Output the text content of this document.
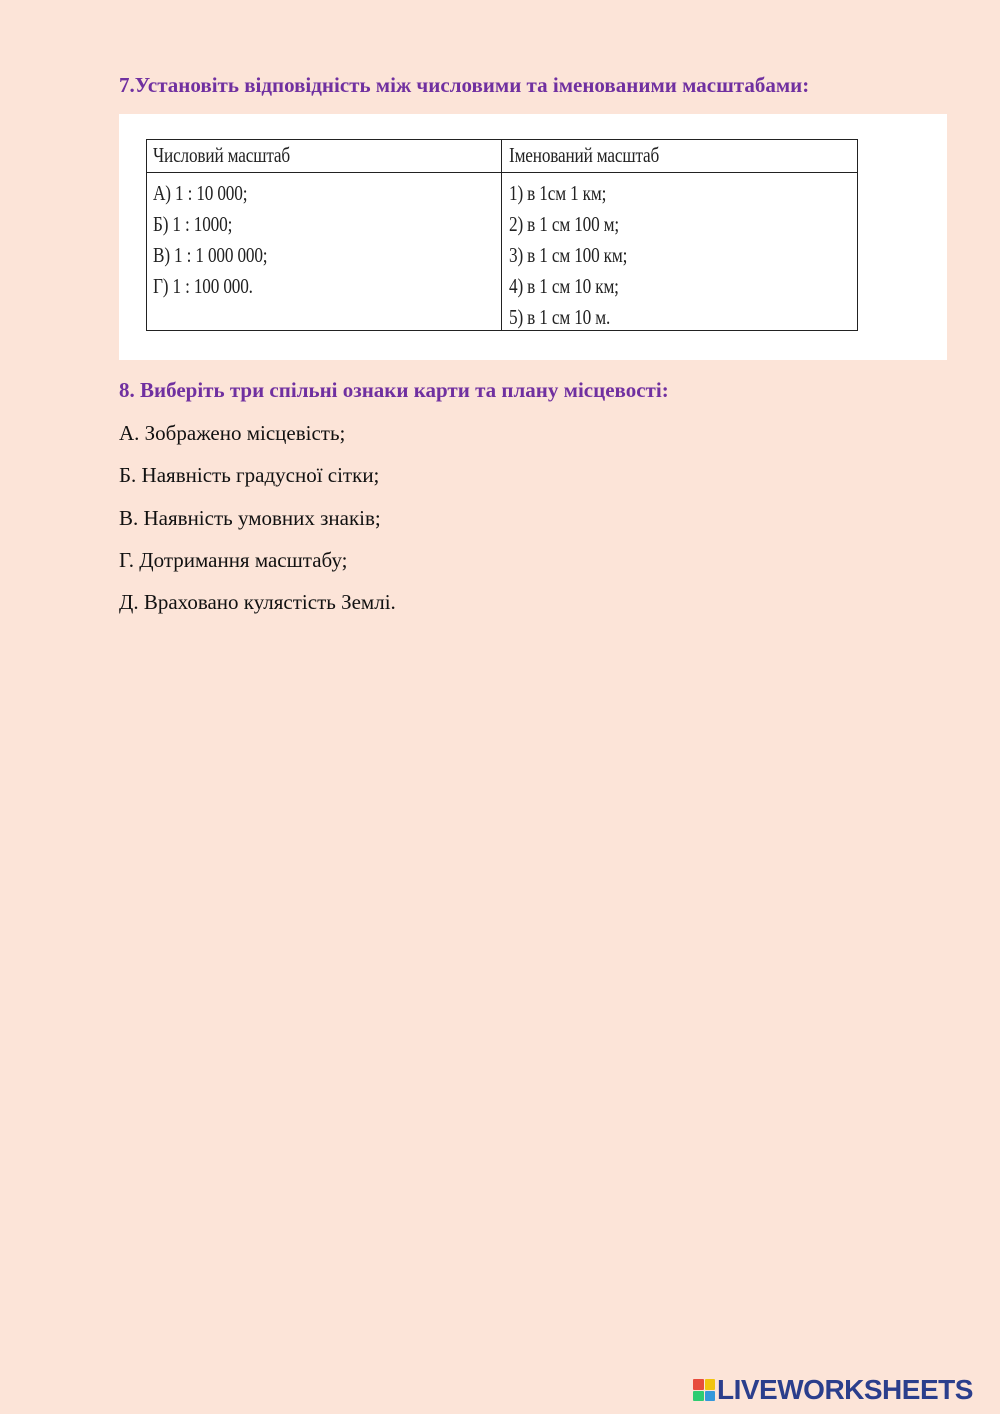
7.Установіть відповідність між числовими та іменованими масштабами:
Числовий масштаб	Іменований масштаб
А) 1 : 10 000;
Б) 1 : 1000;
В) 1 : 1 000 000;
Г) 1 : 100 000.
1) в 1см 1 км;
2) в 1 см 100 м;
3) в 1 см 100 км;
4) в 1 см 10 км;
5) в 1 см 10 м.
8. Виберіть три спільні ознаки карти та плану місцевості:
А. Зображено місцевість;
Б. Наявність градусної сітки;
В. Наявність умовних знаків;
Г. Дотримання масштабу;
Д. Враховано кулястість Землі.
LIVEWORKSHEETS
